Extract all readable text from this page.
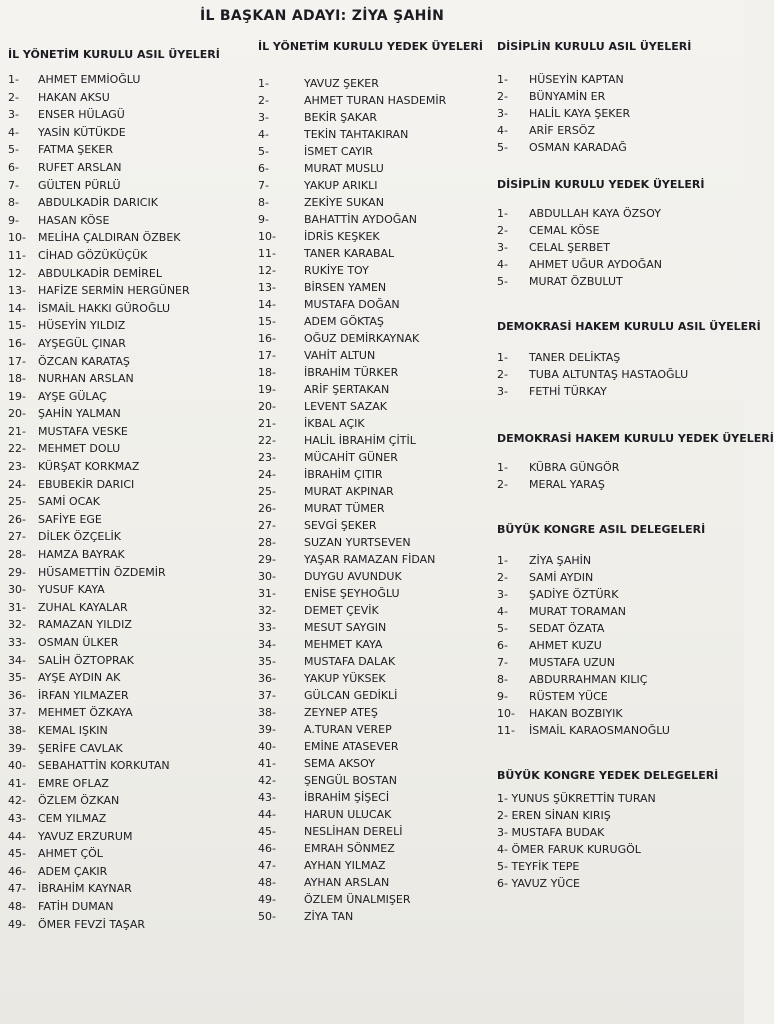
İL BAŞKAN ADAYI: ZİYA ŞAHİN
İL YÖNETİM KURULU ASIL ÜYELERİ
1-	AHMET EMMİOĞLU
2-	HAKAN AKSU
3-	ENSER HÜLAGÜ
4-	YASİN KÜTÜKDE
5-	FATMA ŞEKER
6-	RUFET ARSLAN
7-	GÜLTEN PÜRLÜ
8-	ABDULKADİR DARICIK
9-	HASAN KÖSE
10-	MELİHA ÇALDIRAN ÖZBEK
11-	CİHAD GÖZÜKÜÇÜK
12-	ABDULKADİR DEMİREL
13-	HAFİZE SERMİN HERGÜNER
14-	İSMAİL HAKKI GÜROĞLU
15-	HÜSEYİN YILDIZ
16-	AYŞEGÜL ÇINAR
17-	ÖZCAN KARATAŞ
18-	NURHAN ARSLAN
19-	AYŞE GÜLAÇ
20-	ŞAHİN YALMAN
21-	MUSTAFA VESKE
22-	MEHMET DOLU
23-	KÜRŞAT KORKMAZ
24-	EBUBEKİR DARICI
25-	SAMİ OCAK
26-	SAFİYE EGE
27-	DİLEK ÖZÇELİK
28-	HAMZA BAYRAK
29-	HÜSAMETTİN ÖZDEMİR
30-	YUSUF KAYA
31-	ZUHAL KAYALAR
32-	RAMAZAN YILDIZ
33-	OSMAN ÜLKER
34-	SALİH ÖZTOPRAK
35-	AYŞE AYDIN AK
36-	İRFAN YILMAZER
37-	MEHMET ÖZKAYA
38-	KEMAL IŞKIN
39-	ŞERİFE CAVLAK
40-	SEBAHATTİN KORKUTAN
41-	EMRE OFLAZ
42-	ÖZLEM ÖZKAN
43-	CEM YILMAZ
44-	YAVUZ ERZURUM
45-	AHMET ÇÖL
46-	ADEM ÇAKIR
47-	İBRAHİM KAYNAR
48-	FATİH DUMAN
49-	ÖMER FEVZİ TAŞAR
İL YÖNETİM KURULU YEDEK ÜYELERİ
1-	YAVUZ ŞEKER
2-	AHMET TURAN HASDEMİR
3-	BEKİR ŞAKAR
4-	TEKİN TAHTAKIRAN
5-	İSMET CAYIR
6-	MURAT MUSLU
7-	YAKUP ARIKLI
8-	ZEKİYE SUKAN
9-	BAHATTİN AYDOĞAN
10-	İDRİS KEŞKEK
11-	TANER KARABAL
12-	RUKİYE TOY
13-	BİRSEN YAMEN
14-	MUSTAFA DOĞAN
15-	ADEM GÖKTAŞ
16-	OĞUZ DEMİRKAYNAK
17-	VAHİT ALTUN
18-	İBRAHİM TÜRKER
19-	ARİF ŞERTAKAN
20-	LEVENT SAZAK
21-	İKBAL AÇIK
22-	HALİL İBRAHİM ÇİTİL
23-	MÜCAHİT GÜNER
24-	İBRAHİM ÇITIR
25-	MURAT AKPINAR
26-	MURAT TÜMER
27-	SEVGİ ŞEKER
28-	SUZAN YURTSEVEN
29-	YAŞAR RAMAZAN FİDAN
30-	DUYGU AVUNDUK
31-	ENİSE ŞEYHOĞLU
32-	DEMET ÇEVİK
33-	MESUT SAYGIN
34-	MEHMET KAYA
35-	MUSTAFA DALAK
36-	YAKUP YÜKSEK
37-	GÜLCAN GEDİKLİ
38-	ZEYNEP ATEŞ
39-	A.TURAN VEREP
40-	EMİNE ATASEVER
41-	SEMA AKSOY
42-	ŞENGÜL BOSTAN
43-	İBRAHİM ŞİŞECİ
44-	HARUN ULUCAK
45-	NESLİHAN DERELİ
46-	EMRAH SÖNMEZ
47-	AYHAN YILMAZ
48-	AYHAN ARSLAN
49-	ÖZLEM ÜNALMIŞER
50-	ZİYA TAN
DİSİPLİN KURULU ASIL ÜYELERİ
1-	HÜSEYİN KAPTAN
2-	BÜNYAMİN ER
3-	HALİL KAYA ŞEKER
4-	ARİF ERSÖZ
5-	OSMAN KARADAĞ
DİSİPLİN KURULU YEDEK ÜYELERİ
1-	ABDULLAH KAYA ÖZSOY
2-	CEMAL KÖSE
3-	CELAL ŞERBET
4-	AHMET UĞUR AYDOĞAN
5-	MURAT ÖZBULUT
DEMOKRASİ HAKEM KURULU ASIL ÜYELERİ
1-	TANER DELİKTAŞ
2-	TUBA ALTUNTAŞ HASTAOĞLU
3-	FETHİ TÜRKAY
DEMOKRASİ HAKEM KURULU YEDEK ÜYELERİ
1-	KÜBRA GÜNGÖR
2-	MERAL YARAŞ
BÜYÜK KONGRE ASIL DELEGELERİ
1-	ZİYA ŞAHİN
2-	SAMİ AYDIN
3-	ŞADİYE ÖZTÜRK
4-	MURAT TORAMAN
5-	SEDAT ÖZATA
6-	AHMET KUZU
7-	MUSTAFA UZUN
8-	ABDURRAHMAN KILIÇ
9-	RÜSTEM YÜCE
10-	HAKAN BOZBIYIK
11-	İSMAİL KARAOSMANOĞLU
BÜYÜK KONGRE YEDEK DELEGELERİ
1- YUNUS ŞÜKRETTİN TURAN
2- EREN SİNAN KIRIŞ
3- MUSTAFA BUDAK
4- ÖMER FARUK KURUGÖL
5- TEYFİK TEPE
6- YAVUZ YÜCE
